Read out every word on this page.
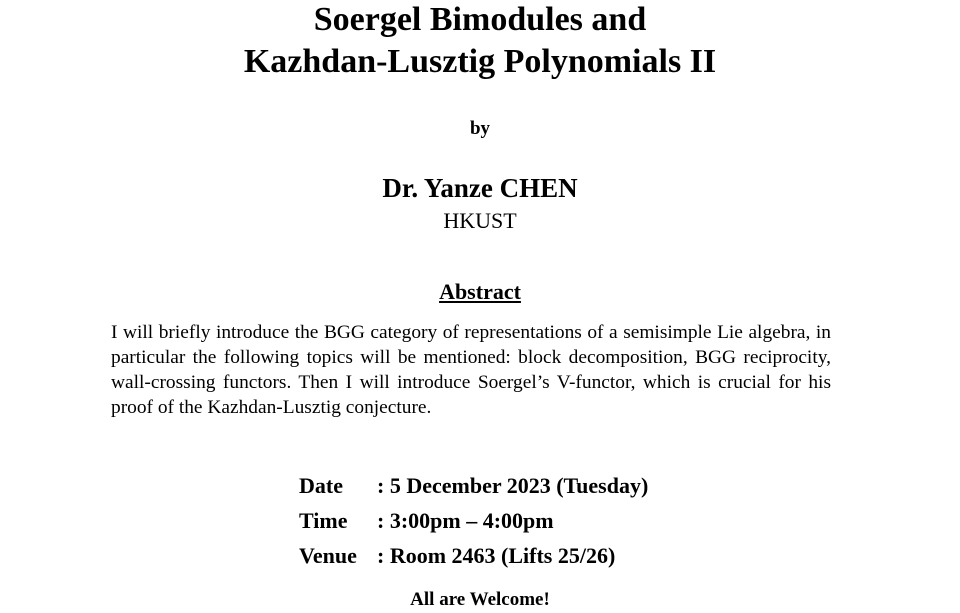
Soergel Bimodules and
Kazhdan-Lusztig Polynomials II
by
Dr. Yanze CHEN
HKUST
Abstract

I will briefly introduce the BGG category of representations of a semisimple Lie algebra, in particular the following topics will be mentioned: block decomposition, BGG reciprocity, wall-crossing functors. Then I will introduce Soergel’s V-functor, which is crucial for his proof of the Kazhdan-Lusztig conjecture.

Date	: 5 December 2023 (Tuesday)
Time	: 3:00pm – 4:00pm
Venue : Room 2463 (Lifts 25/26)
All are Welcome!
